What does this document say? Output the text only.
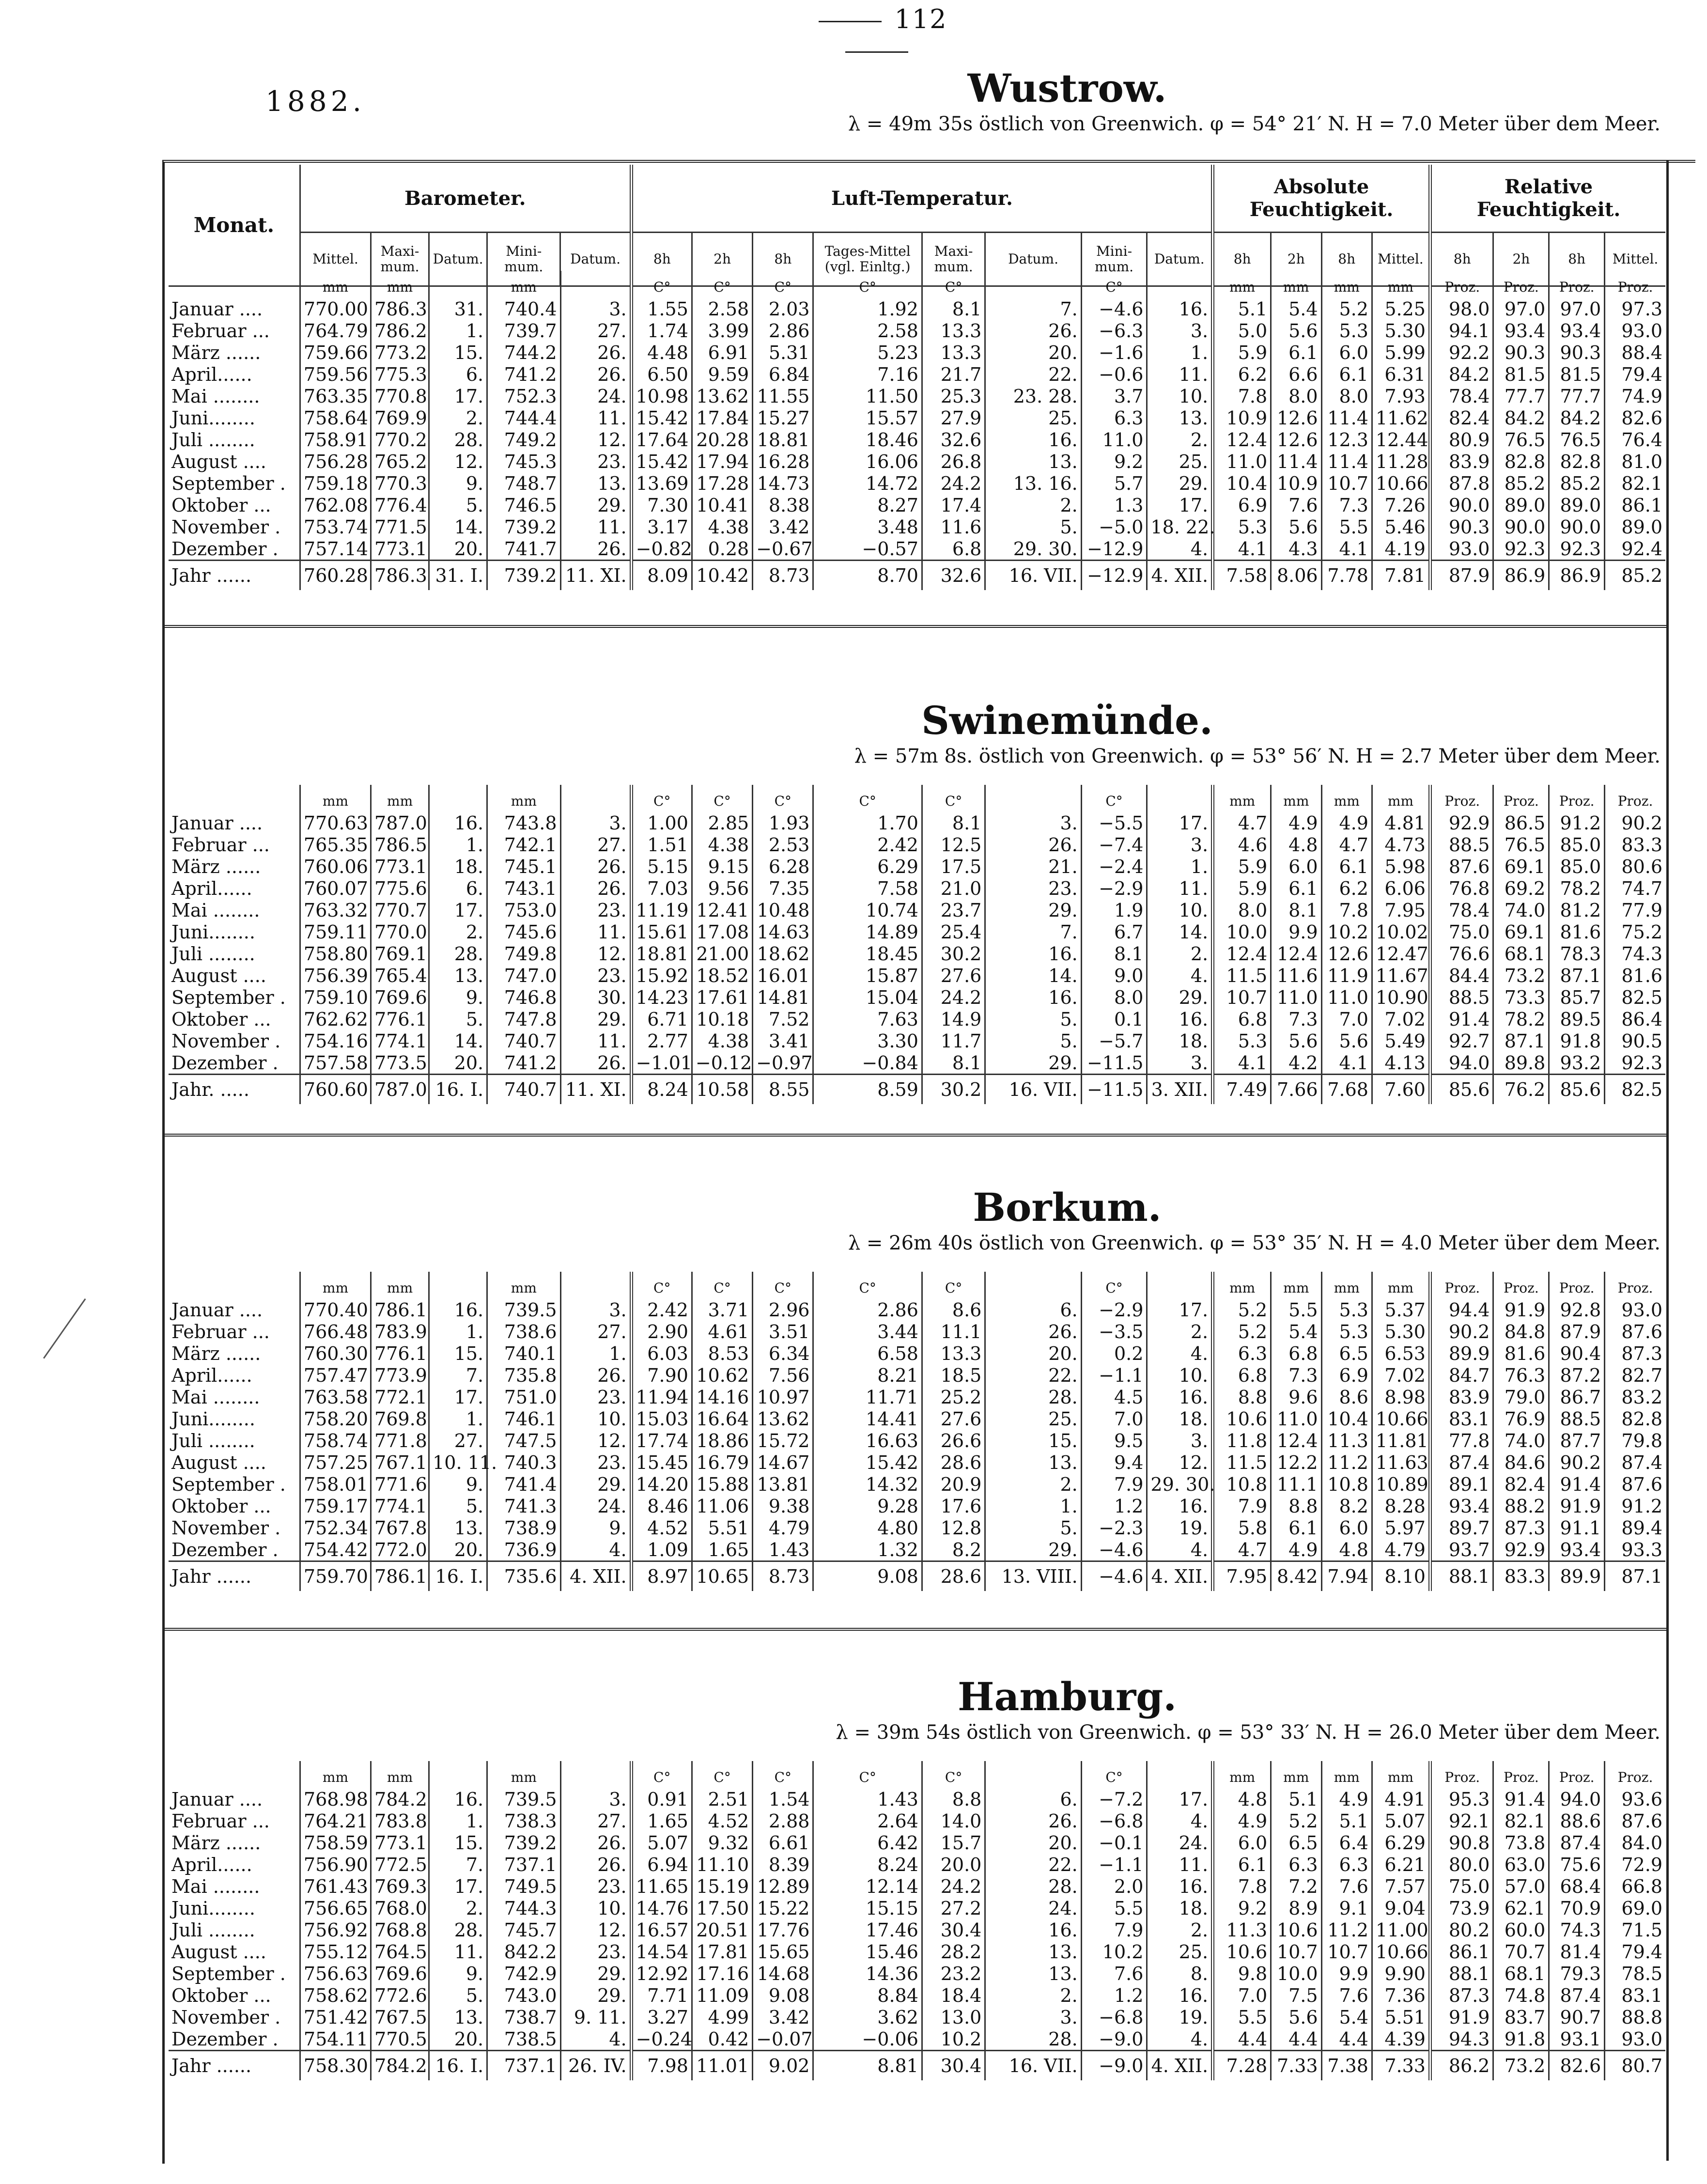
112
1882.
Monat.	Barometer.					Luft-Temperatur.								Absolute Feuchtigkeit.				Relative Feuchtigkeit.			
	Mittel.	Maxi-mum.	Datum.	Mini-mum.	Datum.	8h	2h	8h	Tages-Mittel (vgl. Einltg.)	Maxi-mum.	Datum.	Mini-mum.	Datum.	8h	2h	8h	Mittel.	8h	2h	8h	Mittel.
Wustrow.
λ = 49m 35s östlich von Greenwich. φ = 54° 21′ N. H = 7.0 Meter über dem Meer.
	mm	mm		mm		C°	C°	C°	C°	C°		C°		mm	mm	mm	mm	Proz.	Proz.	Proz.	Proz.
Januar ....	770.00	786.3	31.	740.4	3.	1.55	2.58	2.03	1.92	8.1	7.	−4.6	16.	5.1	5.4	5.2	5.25	98.0	97.0	97.0	97.3
Februar ...	764.79	786.2	1.	739.7	27.	1.74	3.99	2.86	2.58	13.3	26.	−6.3	3.	5.0	5.6	5.3	5.30	94.1	93.4	93.4	93.0
März ......	759.66	773.2	15.	744.2	26.	4.48	6.91	5.31	5.23	13.3	20.	−1.6	1.	5.9	6.1	6.0	5.99	92.2	90.3	90.3	88.4
April......	759.56	775.3	6.	741.2	26.	6.50	9.59	6.84	7.16	21.7	22.	−0.6	11.	6.2	6.6	6.1	6.31	84.2	81.5	81.5	79.4
Mai ........	763.35	770.8	17.	752.3	24.	10.98	13.62	11.55	11.50	25.3	23. 28.	3.7	10.	7.8	8.0	8.0	7.93	78.4	77.7	77.7	74.9
Juni........	758.64	769.9	2.	744.4	11.	15.42	17.84	15.27	15.57	27.9	25.	6.3	13.	10.9	12.6	11.4	11.62	82.4	84.2	84.2	82.6
Juli ........	758.91	770.2	28.	749.2	12.	17.64	20.28	18.81	18.46	32.6	16.	11.0	2.	12.4	12.6	12.3	12.44	80.9	76.5	76.5	76.4
August ....	756.28	765.2	12.	745.3	23.	15.42	17.94	16.28	16.06	26.8	13.	9.2	25.	11.0	11.4	11.4	11.28	83.9	82.8	82.8	81.0
September .	759.18	770.3	9.	748.7	13.	13.69	17.28	14.73	14.72	24.2	13. 16.	5.7	29.	10.4	10.9	10.7	10.66	87.8	85.2	85.2	82.1
Oktober ...	762.08	776.4	5.	746.5	29.	7.30	10.41	8.38	8.27	17.4	2.	1.3	17.	6.9	7.6	7.3	7.26	90.0	89.0	89.0	86.1
November .	753.74	771.5	14.	739.2	11.	3.17	4.38	3.42	3.48	11.6	5.	−5.0	18. 22.	5.3	5.6	5.5	5.46	90.3	90.0	90.0	89.0
Dezember .	757.14	773.1	20.	741.7	26.	−0.82	0.28	−0.67	−0.57	6.8	29. 30.	−12.9	4.	4.1	4.3	4.1	4.19	93.0	92.3	92.3	92.4
Jahr ......	760.28	786.3	31. I.	739.2	11. XI.	8.09	10.42	8.73	8.70	32.6	16. VII.	−12.9	4. XII.	7.58	8.06	7.78	7.81	87.9	86.9	86.9	85.2
Swinemünde.
λ = 57m 8s. östlich von Greenwich. φ = 53° 56′ N. H = 2.7 Meter über dem Meer.
	mm	mm		mm		C°	C°	C°	C°	C°		C°		mm	mm	mm	mm	Proz.	Proz.	Proz.	Proz.
Januar ....	770.63	787.0	16.	743.8	3.	1.00	2.85	1.93	1.70	8.1	3.	−5.5	17.	4.7	4.9	4.9	4.81	92.9	86.5	91.2	90.2
Februar ...	765.35	786.5	1.	742.1	27.	1.51	4.38	2.53	2.42	12.5	26.	−7.4	3.	4.6	4.8	4.7	4.73	88.5	76.5	85.0	83.3
März ......	760.06	773.1	18.	745.1	26.	5.15	9.15	6.28	6.29	17.5	21.	−2.4	1.	5.9	6.0	6.1	5.98	87.6	69.1	85.0	80.6
April......	760.07	775.6	6.	743.1	26.	7.03	9.56	7.35	7.58	21.0	23.	−2.9	11.	5.9	6.1	6.2	6.06	76.8	69.2	78.2	74.7
Mai ........	763.32	770.7	17.	753.0	23.	11.19	12.41	10.48	10.74	23.7	29.	1.9	10.	8.0	8.1	7.8	7.95	78.4	74.0	81.2	77.9
Juni........	759.11	770.0	2.	745.6	11.	15.61	17.08	14.63	14.89	25.4	7.	6.7	14.	10.0	9.9	10.2	10.02	75.0	69.1	81.6	75.2
Juli ........	758.80	769.1	28.	749.8	12.	18.81	21.00	18.62	18.45	30.2	16.	8.1	2.	12.4	12.4	12.6	12.47	76.6	68.1	78.3	74.3
August ....	756.39	765.4	13.	747.0	23.	15.92	18.52	16.01	15.87	27.6	14.	9.0	4.	11.5	11.6	11.9	11.67	84.4	73.2	87.1	81.6
September .	759.10	769.6	9.	746.8	30.	14.23	17.61	14.81	15.04	24.2	16.	8.0	29.	10.7	11.0	11.0	10.90	88.5	73.3	85.7	82.5
Oktober ...	762.62	776.1	5.	747.8	29.	6.71	10.18	7.52	7.63	14.9	5.	0.1	16.	6.8	7.3	7.0	7.02	91.4	78.2	89.5	86.4
November .	754.16	774.1	14.	740.7	11.	2.77	4.38	3.41	3.30	11.7	5.	−5.7	18.	5.3	5.6	5.6	5.49	92.7	87.1	91.8	90.5
Dezember .	757.58	773.5	20.	741.2	26.	−1.01	−0.12	−0.97	−0.84	8.1	29.	−11.5	3.	4.1	4.2	4.1	4.13	94.0	89.8	93.2	92.3
Jahr. .....	760.60	787.0	16. I.	740.7	11. XI.	8.24	10.58	8.55	8.59	30.2	16. VII.	−11.5	3. XII.	7.49	7.66	7.68	7.60	85.6	76.2	85.6	82.5
Borkum.
λ = 26m 40s östlich von Greenwich. φ = 53° 35′ N. H = 4.0 Meter über dem Meer.
	mm	mm		mm		C°	C°	C°	C°	C°		C°		mm	mm	mm	mm	Proz.	Proz.	Proz.	Proz.
Januar ....	770.40	786.1	16.	739.5	3.	2.42	3.71	2.96	2.86	8.6	6.	−2.9	17.	5.2	5.5	5.3	5.37	94.4	91.9	92.8	93.0
Februar ...	766.48	783.9	1.	738.6	27.	2.90	4.61	3.51	3.44	11.1	26.	−3.5	2.	5.2	5.4	5.3	5.30	90.2	84.8	87.9	87.6
März ......	760.30	776.1	15.	740.1	1.	6.03	8.53	6.34	6.58	13.3	20.	0.2	4.	6.3	6.8	6.5	6.53	89.9	81.6	90.4	87.3
April......	757.47	773.9	7.	735.8	26.	7.90	10.62	7.56	8.21	18.5	22.	−1.1	10.	6.8	7.3	6.9	7.02	84.7	76.3	87.2	82.7
Mai ........	763.58	772.1	17.	751.0	23.	11.94	14.16	10.97	11.71	25.2	28.	4.5	16.	8.8	9.6	8.6	8.98	83.9	79.0	86.7	83.2
Juni........	758.20	769.8	1.	746.1	10.	15.03	16.64	13.62	14.41	27.6	25.	7.0	18.	10.6	11.0	10.4	10.66	83.1	76.9	88.5	82.8
Juli ........	758.74	771.8	27.	747.5	12.	17.74	18.86	15.72	16.63	26.6	15.	9.5	3.	11.8	12.4	11.3	11.81	77.8	74.0	87.7	79.8
August ....	757.25	767.1	10. 11.	740.3	23.	15.45	16.79	14.67	15.42	28.6	13.	9.4	12.	11.5	12.2	11.2	11.63	87.4	84.6	90.2	87.4
September .	758.01	771.6	9.	741.4	29.	14.20	15.88	13.81	14.32	20.9	2.	7.9	29. 30.	10.8	11.1	10.8	10.89	89.1	82.4	91.4	87.6
Oktober ...	759.17	774.1	5.	741.3	24.	8.46	11.06	9.38	9.28	17.6	1.	1.2	16.	7.9	8.8	8.2	8.28	93.4	88.2	91.9	91.2
November .	752.34	767.8	13.	738.9	9.	4.52	5.51	4.79	4.80	12.8	5.	−2.3	19.	5.8	6.1	6.0	5.97	89.7	87.3	91.1	89.4
Dezember .	754.42	772.0	20.	736.9	4.	1.09	1.65	1.43	1.32	8.2	29.	−4.6	4.	4.7	4.9	4.8	4.79	93.7	92.9	93.4	93.3
Jahr ......	759.70	786.1	16. I.	735.6	4. XII.	8.97	10.65	8.73	9.08	28.6	13. VIII.	−4.6	4. XII.	7.95	8.42	7.94	8.10	88.1	83.3	89.9	87.1
Hamburg.
λ = 39m 54s östlich von Greenwich. φ = 53° 33′ N. H = 26.0 Meter über dem Meer.
	mm	mm		mm		C°	C°	C°	C°	C°		C°		mm	mm	mm	mm	Proz.	Proz.	Proz.	Proz.
Januar ....	768.98	784.2	16.	739.5	3.	0.91	2.51	1.54	1.43	8.8	6.	−7.2	17.	4.8	5.1	4.9	4.91	95.3	91.4	94.0	93.6
Februar ...	764.21	783.8	1.	738.3	27.	1.65	4.52	2.88	2.64	14.0	26.	−6.8	4.	4.9	5.2	5.1	5.07	92.1	82.1	88.6	87.6
März ......	758.59	773.1	15.	739.2	26.	5.07	9.32	6.61	6.42	15.7	20.	−0.1	24.	6.0	6.5	6.4	6.29	90.8	73.8	87.4	84.0
April......	756.90	772.5	7.	737.1	26.	6.94	11.10	8.39	8.24	20.0	22.	−1.1	11.	6.1	6.3	6.3	6.21	80.0	63.0	75.6	72.9
Mai ........	761.43	769.3	17.	749.5	23.	11.65	15.19	12.89	12.14	24.2	28.	2.0	16.	7.8	7.2	7.6	7.57	75.0	57.0	68.4	66.8
Juni........	756.65	768.0	2.	744.3	10.	14.76	17.50	15.22	15.15	27.2	24.	5.5	18.	9.2	8.9	9.1	9.04	73.9	62.1	70.9	69.0
Juli ........	756.92	768.8	28.	745.7	12.	16.57	20.51	17.76	17.46	30.4	16.	7.9	2.	11.3	10.6	11.2	11.00	80.2	60.0	74.3	71.5
August ....	755.12	764.5	11.	842.2	23.	14.54	17.81	15.65	15.46	28.2	13.	10.2	25.	10.6	10.7	10.7	10.66	86.1	70.7	81.4	79.4
September .	756.63	769.6	9.	742.9	29.	12.92	17.16	14.68	14.36	23.2	13.	7.6	8.	9.8	10.0	9.9	9.90	88.1	68.1	79.3	78.5
Oktober ...	758.62	772.6	5.	743.0	29.	7.71	11.09	9.08	8.84	18.4	2.	1.2	16.	7.0	7.5	7.6	7.36	87.3	74.8	87.4	83.1
November .	751.42	767.5	13.	738.7	9. 11.	3.27	4.99	3.42	3.62	13.0	3.	−6.8	19.	5.5	5.6	5.4	5.51	91.9	83.7	90.7	88.8
Dezember .	754.11	770.5	20.	738.5	4.	−0.24	0.42	−0.07	−0.06	10.2	28.	−9.0	4.	4.4	4.4	4.4	4.39	94.3	91.8	93.1	93.0
Jahr ......	758.30	784.2	16. I.	737.1	26. IV.	7.98	11.01	9.02	8.81	30.4	16. VII.	−9.0	4. XII.	7.28	7.33	7.38	7.33	86.2	73.2	82.6	80.7
